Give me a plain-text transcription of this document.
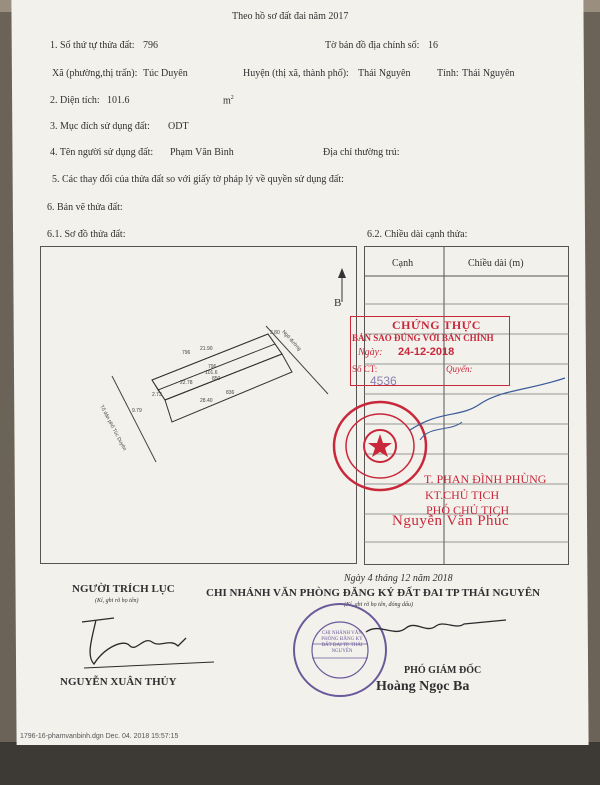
Theo hồ sơ đất đai năm 2017
1. Số thứ tự thửa đất: 796	Tờ bản đồ địa chính số: 16
Xã (phường,thị trấn): Túc Duyên	Huyện (thị xã, thành phố): Thái Nguyên	Tỉnh: Thái Nguyên
2. Diện tích: 101.6	$m^2$
3. Mục đích sử dụng đất: ODT
4. Tên người sử dụng đất: Phạm Văn Bình	Địa chỉ thường trú:
5. Các thay đổi của thửa đất so với giấy tờ pháp lý về quyền sử dụng đất:
6. Bản vẽ thửa đất:
6.1. Sơ đồ thửa đất:	6.2. Chiều dài cạnh thửa:
B
796
21.90
796
101.6
22.78
850
28.40
836
2.73
9.79
3.80
Tổ dân phố Túc Duyên
Ngõ đường
Cạnh	Chiều dài (m)
CHỨNG THỰC
BẢN SAO ĐÚNG VỚI BẢN CHÍNH
Ngày: 24-12-2018
Số CT:	Quyển:
4536
T. PHAN ĐÌNH PHÙNG
KT.CHỦ TỊCH
PHÓ CHỦ TỊCH
Nguyễn Văn Phúc
Ngày 4 tháng 12 năm 2018
NGƯỜI TRÍCH LỤC
(Kí, ghi rõ họ tên)
CHI NHÁNH VĂN PHÒNG ĐĂNG KÝ ĐẤT ĐAI TP THÁI NGUYÊN
(Kí, ghi rõ họ tên, đóng dấu)
NGUYỄN XUÂN THỦY
CHI NHÁNH VĂN PHÒNG ĐĂNG KÝ ĐẤT ĐAI TP. THÁI NGUYÊN
PHÓ GIÁM ĐỐC
Hoàng Ngọc Ba
1796-16-phamvanbinh.dgn Dec. 04. 2018 15:57:15
